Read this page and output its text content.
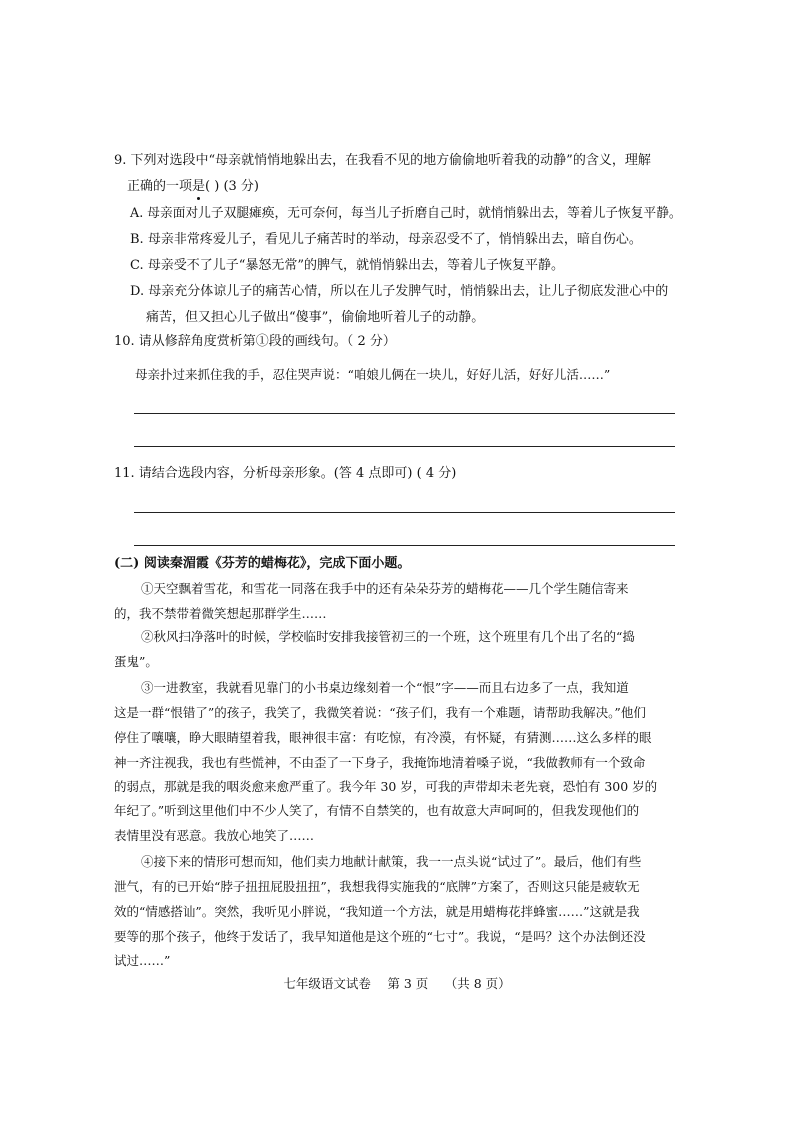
9. 下列对选段中“母亲就悄悄地躲出去，在我看不见的地方偷偷地听着我的动静”的含义，理解
正确的一项是( ) (3 分)
A. 母亲面对儿子双腿瘫痪，无可奈何，每当儿子折磨自己时，就悄悄躲出去，等着儿子恢复平静。
B. 母亲非常疼爱儿子，看见儿子痛苦时的举动，母亲忍受不了，悄悄躲出去，暗自伤心。
C. 母亲受不了儿子“暴怒无常”的脾气，就悄悄躲出去，等着儿子恢复平静。
D. 母亲充分体谅儿子的痛苦心情，所以在儿子发脾气时，悄悄躲出去，让儿子彻底发泄心中的
痛苦，但又担心儿子做出“傻事”，偷偷地听着儿子的动静。
10. 请从修辞角度赏析第①段的画线句。（ 2 分）
母亲扑过来抓住我的手，忍住哭声说：“咱娘儿俩在一块儿，好好儿活，好好儿活……”
11. 请结合选段内容，分析母亲形象。(答 4 点即可) ( 4 分)
(二) 阅读秦湄霞《芬芳的蜡梅花》，完成下面小题。
①天空飘着雪花，和雪花一同落在我手中的还有朵朵芬芳的蜡梅花——几个学生随信寄来
的，我不禁带着微笑想起那群学生……
②秋风扫净落叶的时候，学校临时安排我接管初三的一个班，这个班里有几个出了名的“捣
蛋鬼”。
③一进教室，我就看见靠门的小书桌边缘刻着一个“恨”字——而且右边多了一点，我知道
这是一群“恨错了”的孩子，我笑了，我微笑着说：“孩子们，我有一个难题，请帮助我解决。”他们
停住了嚷嚷，睁大眼睛望着我，眼神很丰富：有吃惊，有冷漠，有怀疑，有猜测……这么多样的眼
神一齐注视我，我也有些慌神，不由歪了一下身子，我掩饰地清着嗓子说，“我做教师有一个致命
的弱点，那就是我的咽炎愈来愈严重了。我今年 30 岁，可我的声带却未老先衰，恐怕有 300 岁的
年纪了。”听到这里他们中不少人笑了，有情不自禁笑的，也有故意大声呵呵的，但我发现他们的
表情里没有恶意。我放心地笑了……
④接下来的情形可想而知，他们卖力地献计献策，我一一点头说“试过了”。最后，他们有些
泄气，有的已开始“脖子扭扭屁股扭扭”，我想我得实施我的“底牌”方案了，否则这只能是疲软无
效的“情感搭讪”。突然，我听见小胖说，“我知道一个方法，就是用蜡梅花拌蜂蜜……”这就是我
要等的那个孩子，他终于发话了，我早知道他是这个班的“七寸”。我说，“是吗？这个办法倒还没
试过……”
七年级语文试卷　 第 3 页　 （共 8 页）
